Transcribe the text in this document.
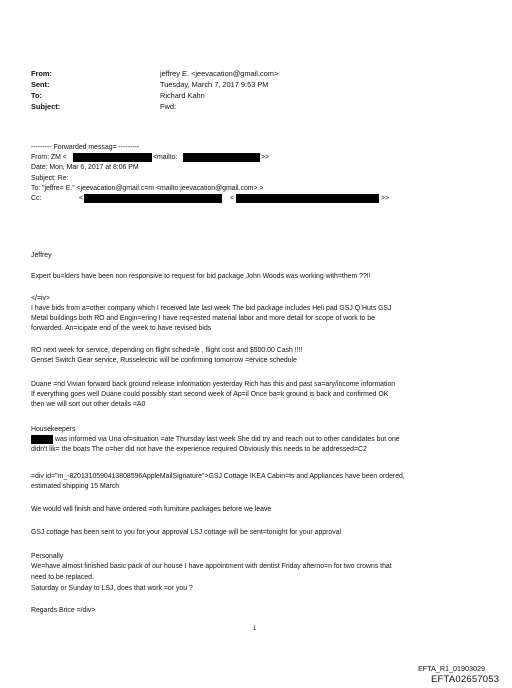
From:	jeffrey E. <jeevacation@gmail.com>
Sent:	Tuesday, March 7, 2017 9:53 PM
To:	Richard Kahn
Subject:	Fwd:
--------- Forwarded messag= ---------
From: ZM <	<mailto:	>>
Date: Mon, Mar 6, 2017 at 8:06 PM
Subject: Re:
To: "jeffre= E." <jeevacation@gmail.c=m <mailto:jeevacation@gmail.com> >
Cc:	<	<	>>
Jeffrey
Expert bu=lders have been non responsive to request for bid package John Woods was working with=them ??!!
</=iv>
I have bids from a=other company which I received late last week The bid package includes Heli pad GSJ Q Huts GSJ
Metal buildings both RO and Engin=ering I have req=ested material labor and more detail for scope of work to be
forwarded. An=icipate end of the week to have revised bids
RO next week for service, depending on flight sched=le , flight cost and $500.00 Cash !!!!
Genset Switch Gear service, Russelectric will be confirming tomorrow =ervice schedule
Duane =nd Vivian forward back ground release information yesterday Rich has this and past sa=ary/income information
If everything goes well Duane could possibly start second week of Ap=il Once ba=k ground is back and confirmed OK
then we will sort out other details =A0
Housekeepers
was informed via Una of=situation =ate Thursday last week She did try and reach out to other candidates but one
didn't lik= the boats The o=her did not have the experience required Obviously this needs to be addressed=C2
=div id="m_-8201310590413808596AppleMailSignature">GSJ Cottage IKEA Cabin=ts and Appliances have been ordered,
estimated shipping 15 March
We would will finish and have ordered =oth furniture packages before we leave
GSJ cottage has been sent to you for your approval LSJ cottage will be sent=tonight for your approval
Personally
We=have almost finished basic pack of our house I have appointment with dentist Friday afterno=n for two crowns that
need to be replaced.
Saturday or Sunday to LSJ, does that work =or you ?
Regards Brice =/div>
1
EFTA_R1_01903029
EFTA02657053
